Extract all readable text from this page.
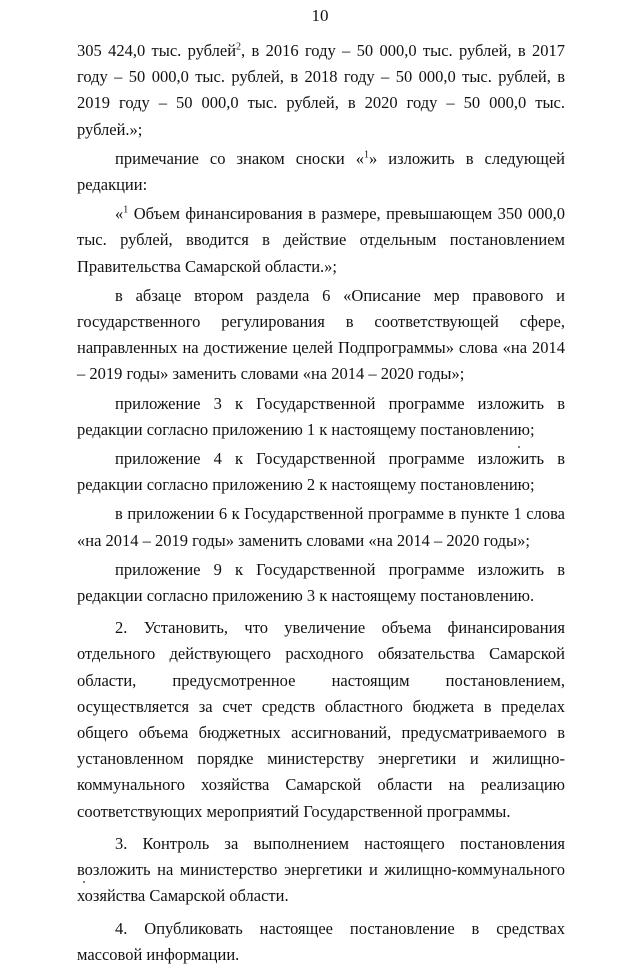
10

305 424,0 тыс. рублей$^2$, в 2016 году – 50 000,0 тыс. рублей, в 2017 году – 50 000,0 тыс. рублей, в 2018 году – 50 000,0 тыс. рублей, в 2019 году – 50 000,0 тыс. рублей, в 2020 году – 50 000,0 тыс. рублей.»;

примечание со знаком сноски «$^1$» изложить в следующей редакции:

«$^1$ Объем финансирования в размере, превышающем 350 000,0 тыс. рублей, вводится в действие отдельным постановлением Правительства Самарской области.»;

в абзаце втором раздела 6 «Описание мер правового и государственного регулирования в соответствующей сфере, направленных на достижение целей Подпрограммы» слова «на 2014 – 2019 годы» заменить словами «на 2014 – 2020 годы»;

приложение 3 к Государственной программе изложить в редакции согласно приложению 1 к настоящему постановлению;

приложение 4 к Государственной программе изложить в редакции согласно приложению 2 к настоящему постановлению;

в приложении 6 к Государственной программе в пункте 1 слова «на 2014 – 2019 годы» заменить словами «на 2014 – 2020 годы»;

приложение 9 к Государственной программе изложить в редакции согласно приложению 3 к настоящему постановлению.

2. Установить, что увеличение объема финансирования отдельного действующего расходного обязательства Самарской области, предусмотренное настоящим постановлением, осуществляется за счет средств областного бюджета в пределах общего объема бюджетных ассигнований, предусматриваемого в установленном порядке министерству энергетики и жилищно-коммунального хозяйства Самарской области на реализацию соответствующих мероприятий Государственной программы.

3. Контроль за выполнением настоящего постановления возложить на министерство энергетики и жилищно-коммунального хозяйства Самарской области.

4. Опубликовать настоящее постановление в средствах массовой информации.
